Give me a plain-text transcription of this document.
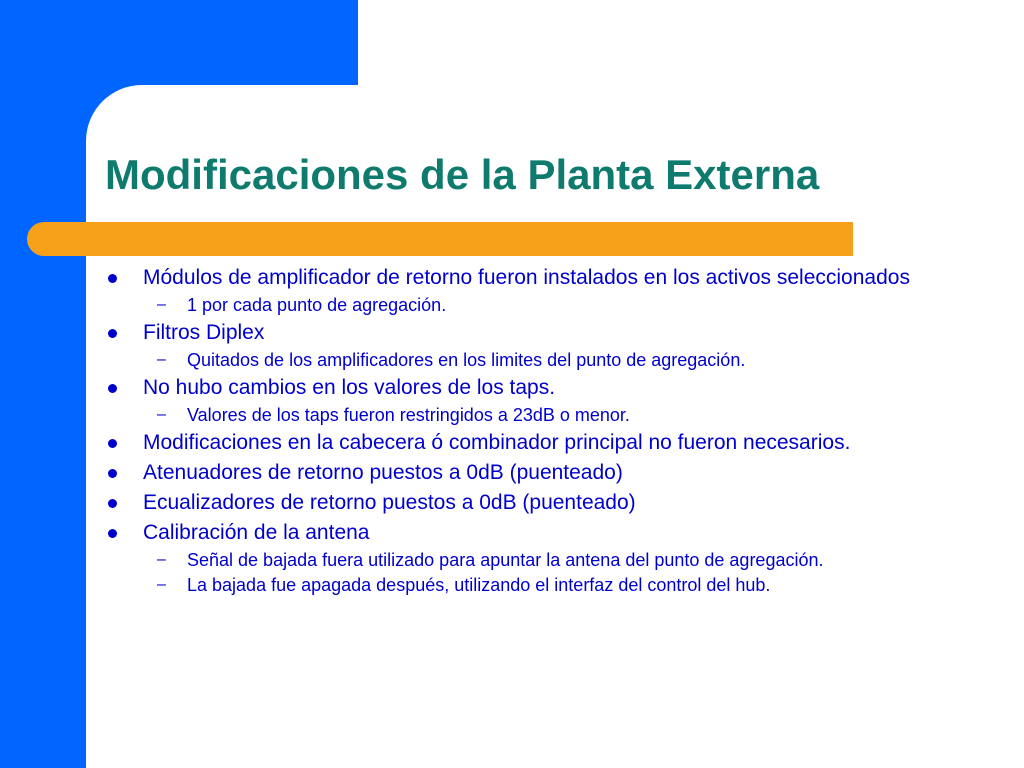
Modificaciones de la Planta Externa
Módulos de amplificador de retorno fueron instalados en los activos seleccionados
– 1 por cada punto de agregación.
Filtros Diplex
– Quitados de los amplificadores en los limites del punto de agregación.
No hubo cambios en los valores de los taps.
– Valores de los taps fueron restringidos a 23dB o menor.
Modificaciones en la cabecera ó combinador principal no fueron necesarios.
Atenuadores de retorno puestos a 0dB (puenteado)
Ecualizadores de retorno puestos a 0dB (puenteado)
Calibración de la antena
– Señal de bajada fuera utilizado para apuntar la antena del punto de agregación.
– La bajada fue apagada después, utilizando el interfaz del control del hub.
